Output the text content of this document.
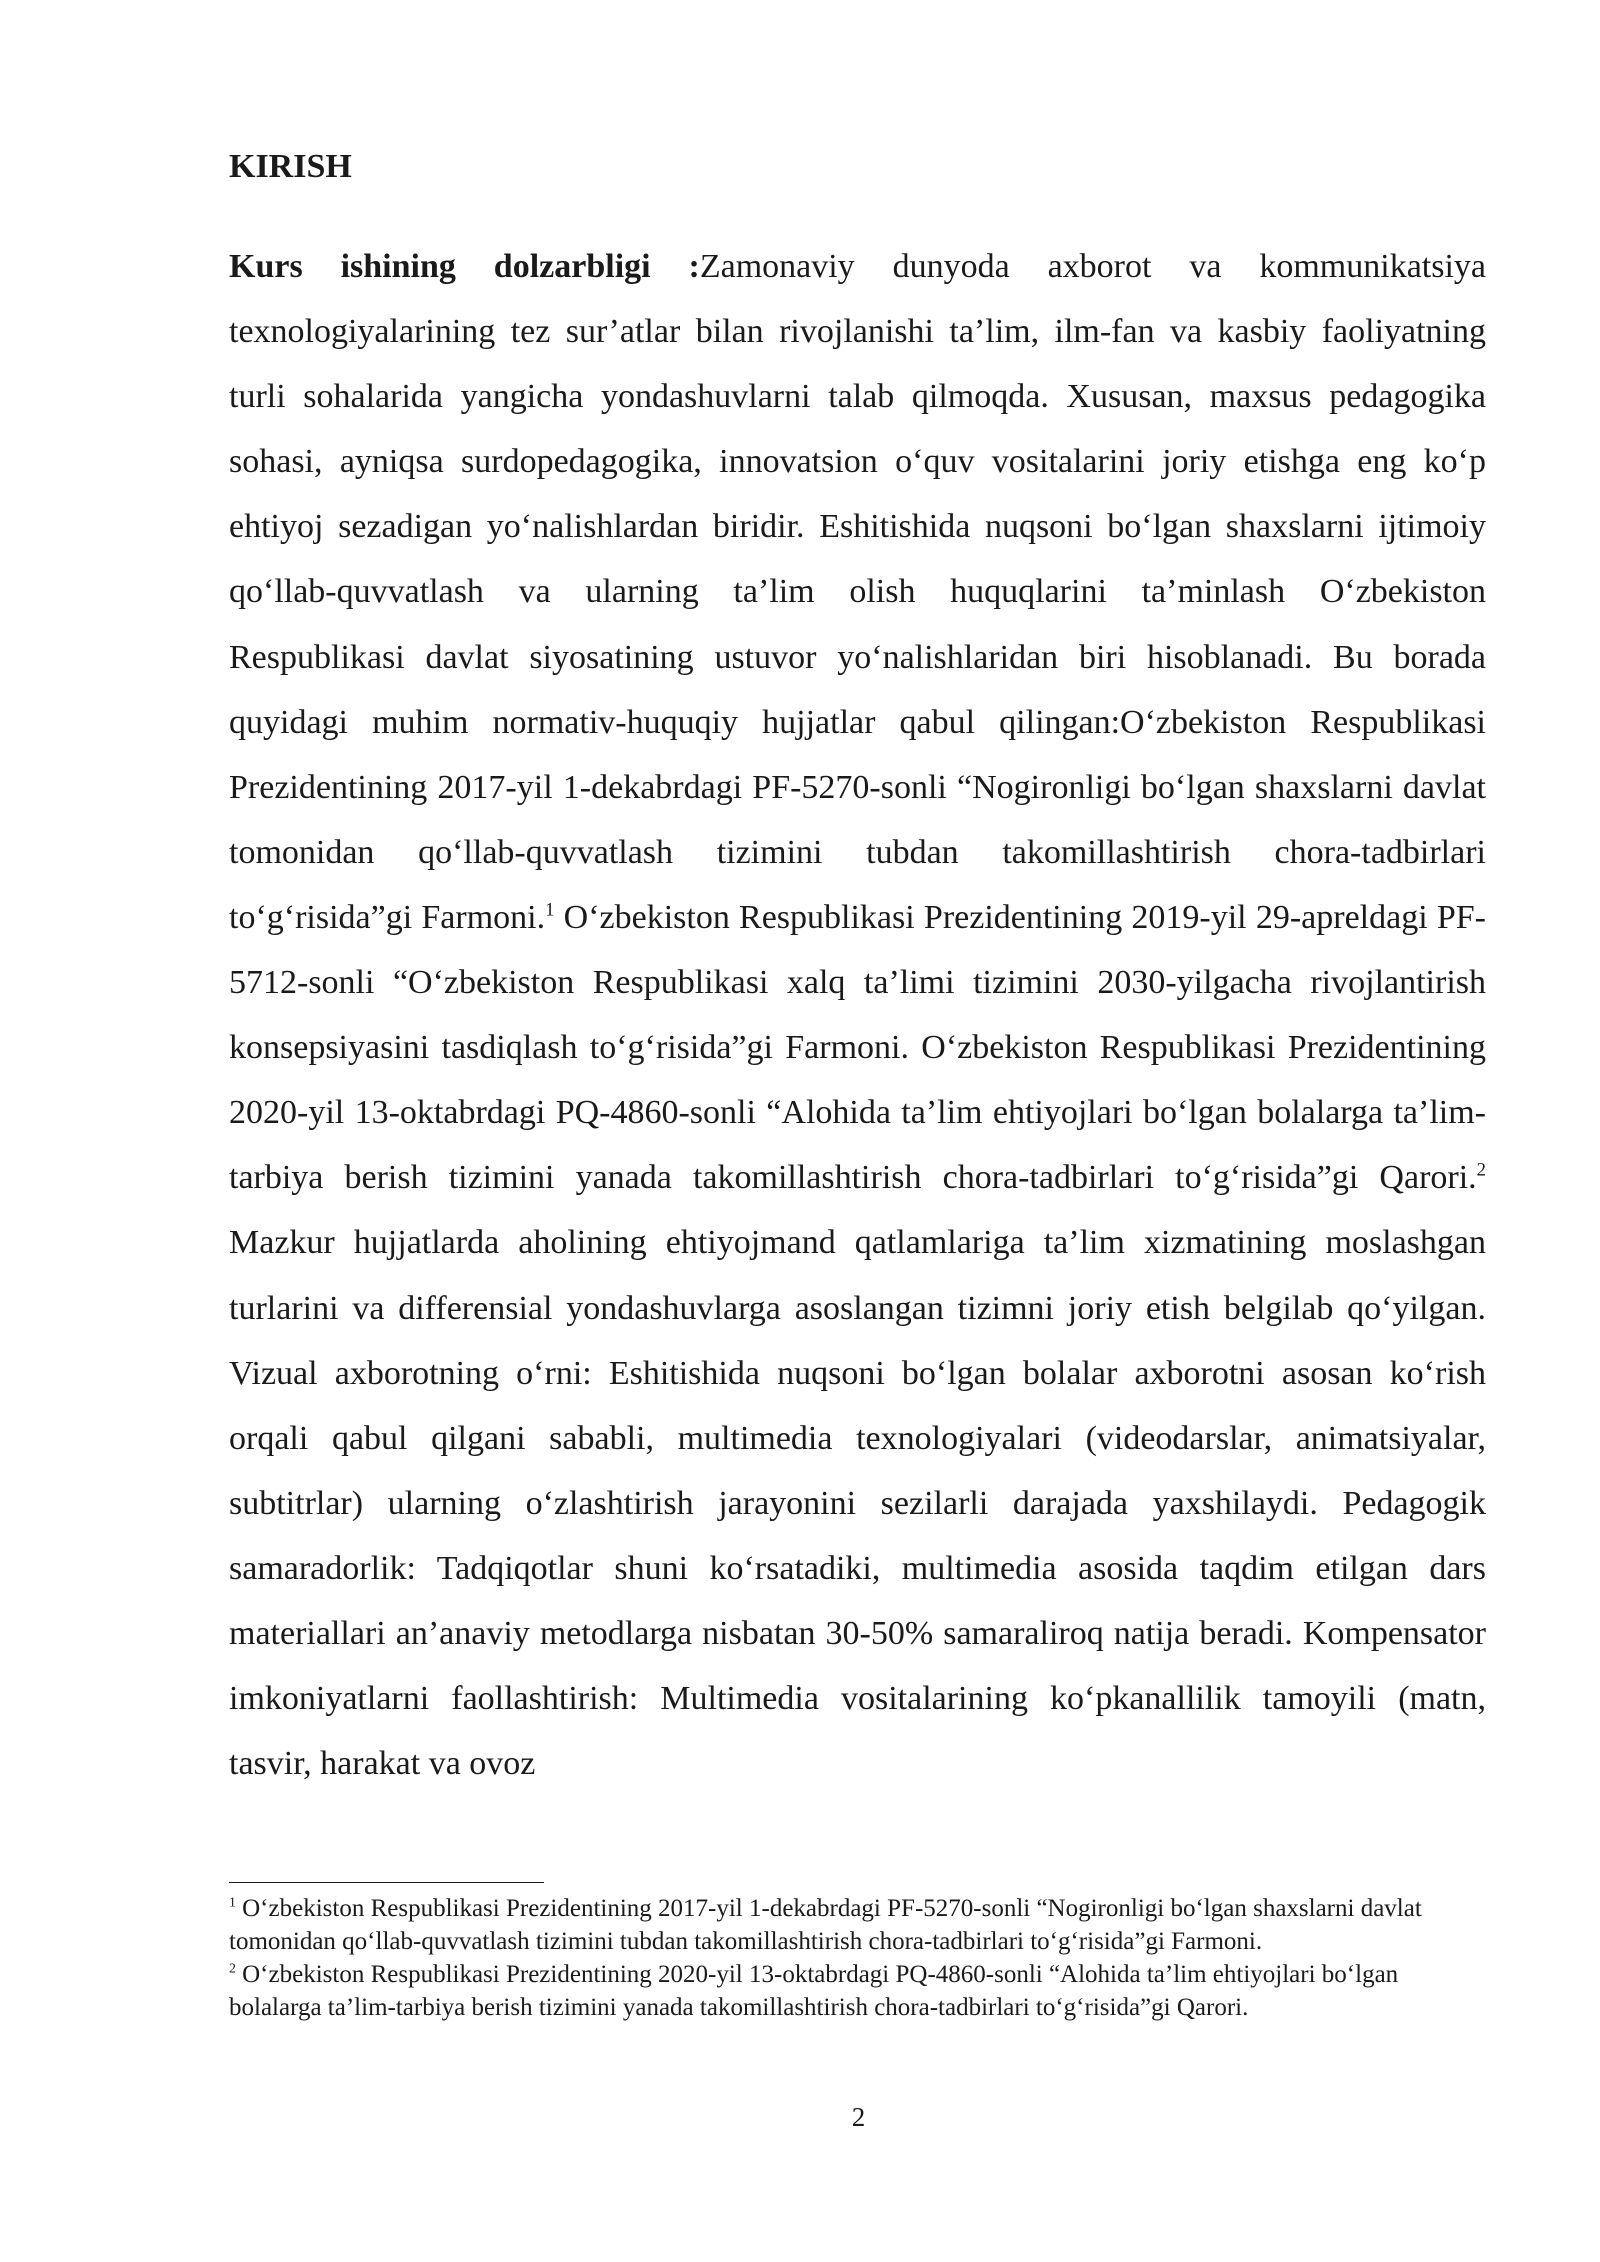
KIRISH

Kurs ishining dolzarbligi :Zamonaviy dunyoda axborot va kommunikatsiya texnologiyalarining tez sur’atlar bilan rivojlanishi ta’lim, ilm-fan va kasbiy faoliyatning turli sohalarida yangicha yondashuvlarni talab qilmoqda. Xususan, maxsus pedagogika sohasi, ayniqsa surdopedagogika, innovatsion o‘quv vositalarini joriy etishga eng ko‘p ehtiyoj sezadigan yo‘nalishlardan biridir. Eshitishida nuqsoni bo‘lgan shaxslarni ijtimoiy qo‘llab-quvvatlash va ularning ta’lim olish huquqlarini ta’minlash O‘zbekiston Respublikasi davlat siyosatining ustuvor yo‘nalishlaridan biri hisoblanadi. Bu borada quyidagi muhim normativ-huquqiy hujjatlar qabul qilingan:O‘zbekiston Respublikasi Prezidentining 2017-yil 1-dekabrdagi PF-5270-sonli “Nogironligi bo‘lgan shaxslarni davlat tomonidan qo‘llab-quvvatlash tizimini tubdan takomillashtirish chora-tadbirlari to‘g‘risida”gi Farmoni.$^1$ O‘zbekiston Respublikasi Prezidentining 2019-yil 29-apreldagi PF-5712-sonli “O‘zbekiston Respublikasi xalq ta’limi tizimini 2030-yilgacha rivojlantirish konsepsiyasini tasdiqlash to‘g‘risida”gi Farmoni. O‘zbekiston Respublikasi Prezidentining 2020-yil 13-oktabrdagi PQ-4860-sonli “Alohida ta’lim ehtiyojlari bo‘lgan bolalarga ta’lim-tarbiya berish tizimini yanada takomillashtirish chora-tadbirlari to‘g‘risida”gi Qarori.$^2$ Mazkur hujjatlarda aholining ehtiyojmand qatlamlariga ta’lim xizmatining moslashgan turlarini va differensial yondashuvlarga asoslangan tizimni joriy etish belgilab qo‘yilgan. Vizual axborotning o‘rni: Eshitishida nuqsoni bo‘lgan bolalar axborotni asosan ko‘rish orqali qabul qilgani sababli, multimedia texnologiyalari (videodarslar, animatsiyalar, subtitrlar) ularning o‘zlashtirish jarayonini sezilarli darajada yaxshilaydi. Pedagogik samaradorlik: Tadqiqotlar shuni ko‘rsatadiki, multimedia asosida taqdim etilgan dars materiallari an’anaviy metodlarga nisbatan 30-50% samaraliroq natija beradi. Kompensator imkoniyatlarni faollashtirish: Multimedia vositalarining ko‘pkanallilik tamoyili (matn, tasvir, harakat va ovoz

$^1$ O‘zbekiston Respublikasi Prezidentining 2017-yil 1-dekabrdagi PF-5270-sonli “Nogironligi bo‘lgan shaxslarni davlat tomonidan qo‘llab-quvvatlash tizimini tubdan takomillashtirish chora-tadbirlari to‘g‘risida”gi Farmoni.

$^2$ O‘zbekiston Respublikasi Prezidentining 2020-yil 13-oktabrdagi PQ-4860-sonli “Alohida ta’lim ehtiyojlari bo‘lgan bolalarga ta’lim-tarbiya berish tizimini yanada takomillashtirish chora-tadbirlari to‘g‘risida”gi Qarori.

2
